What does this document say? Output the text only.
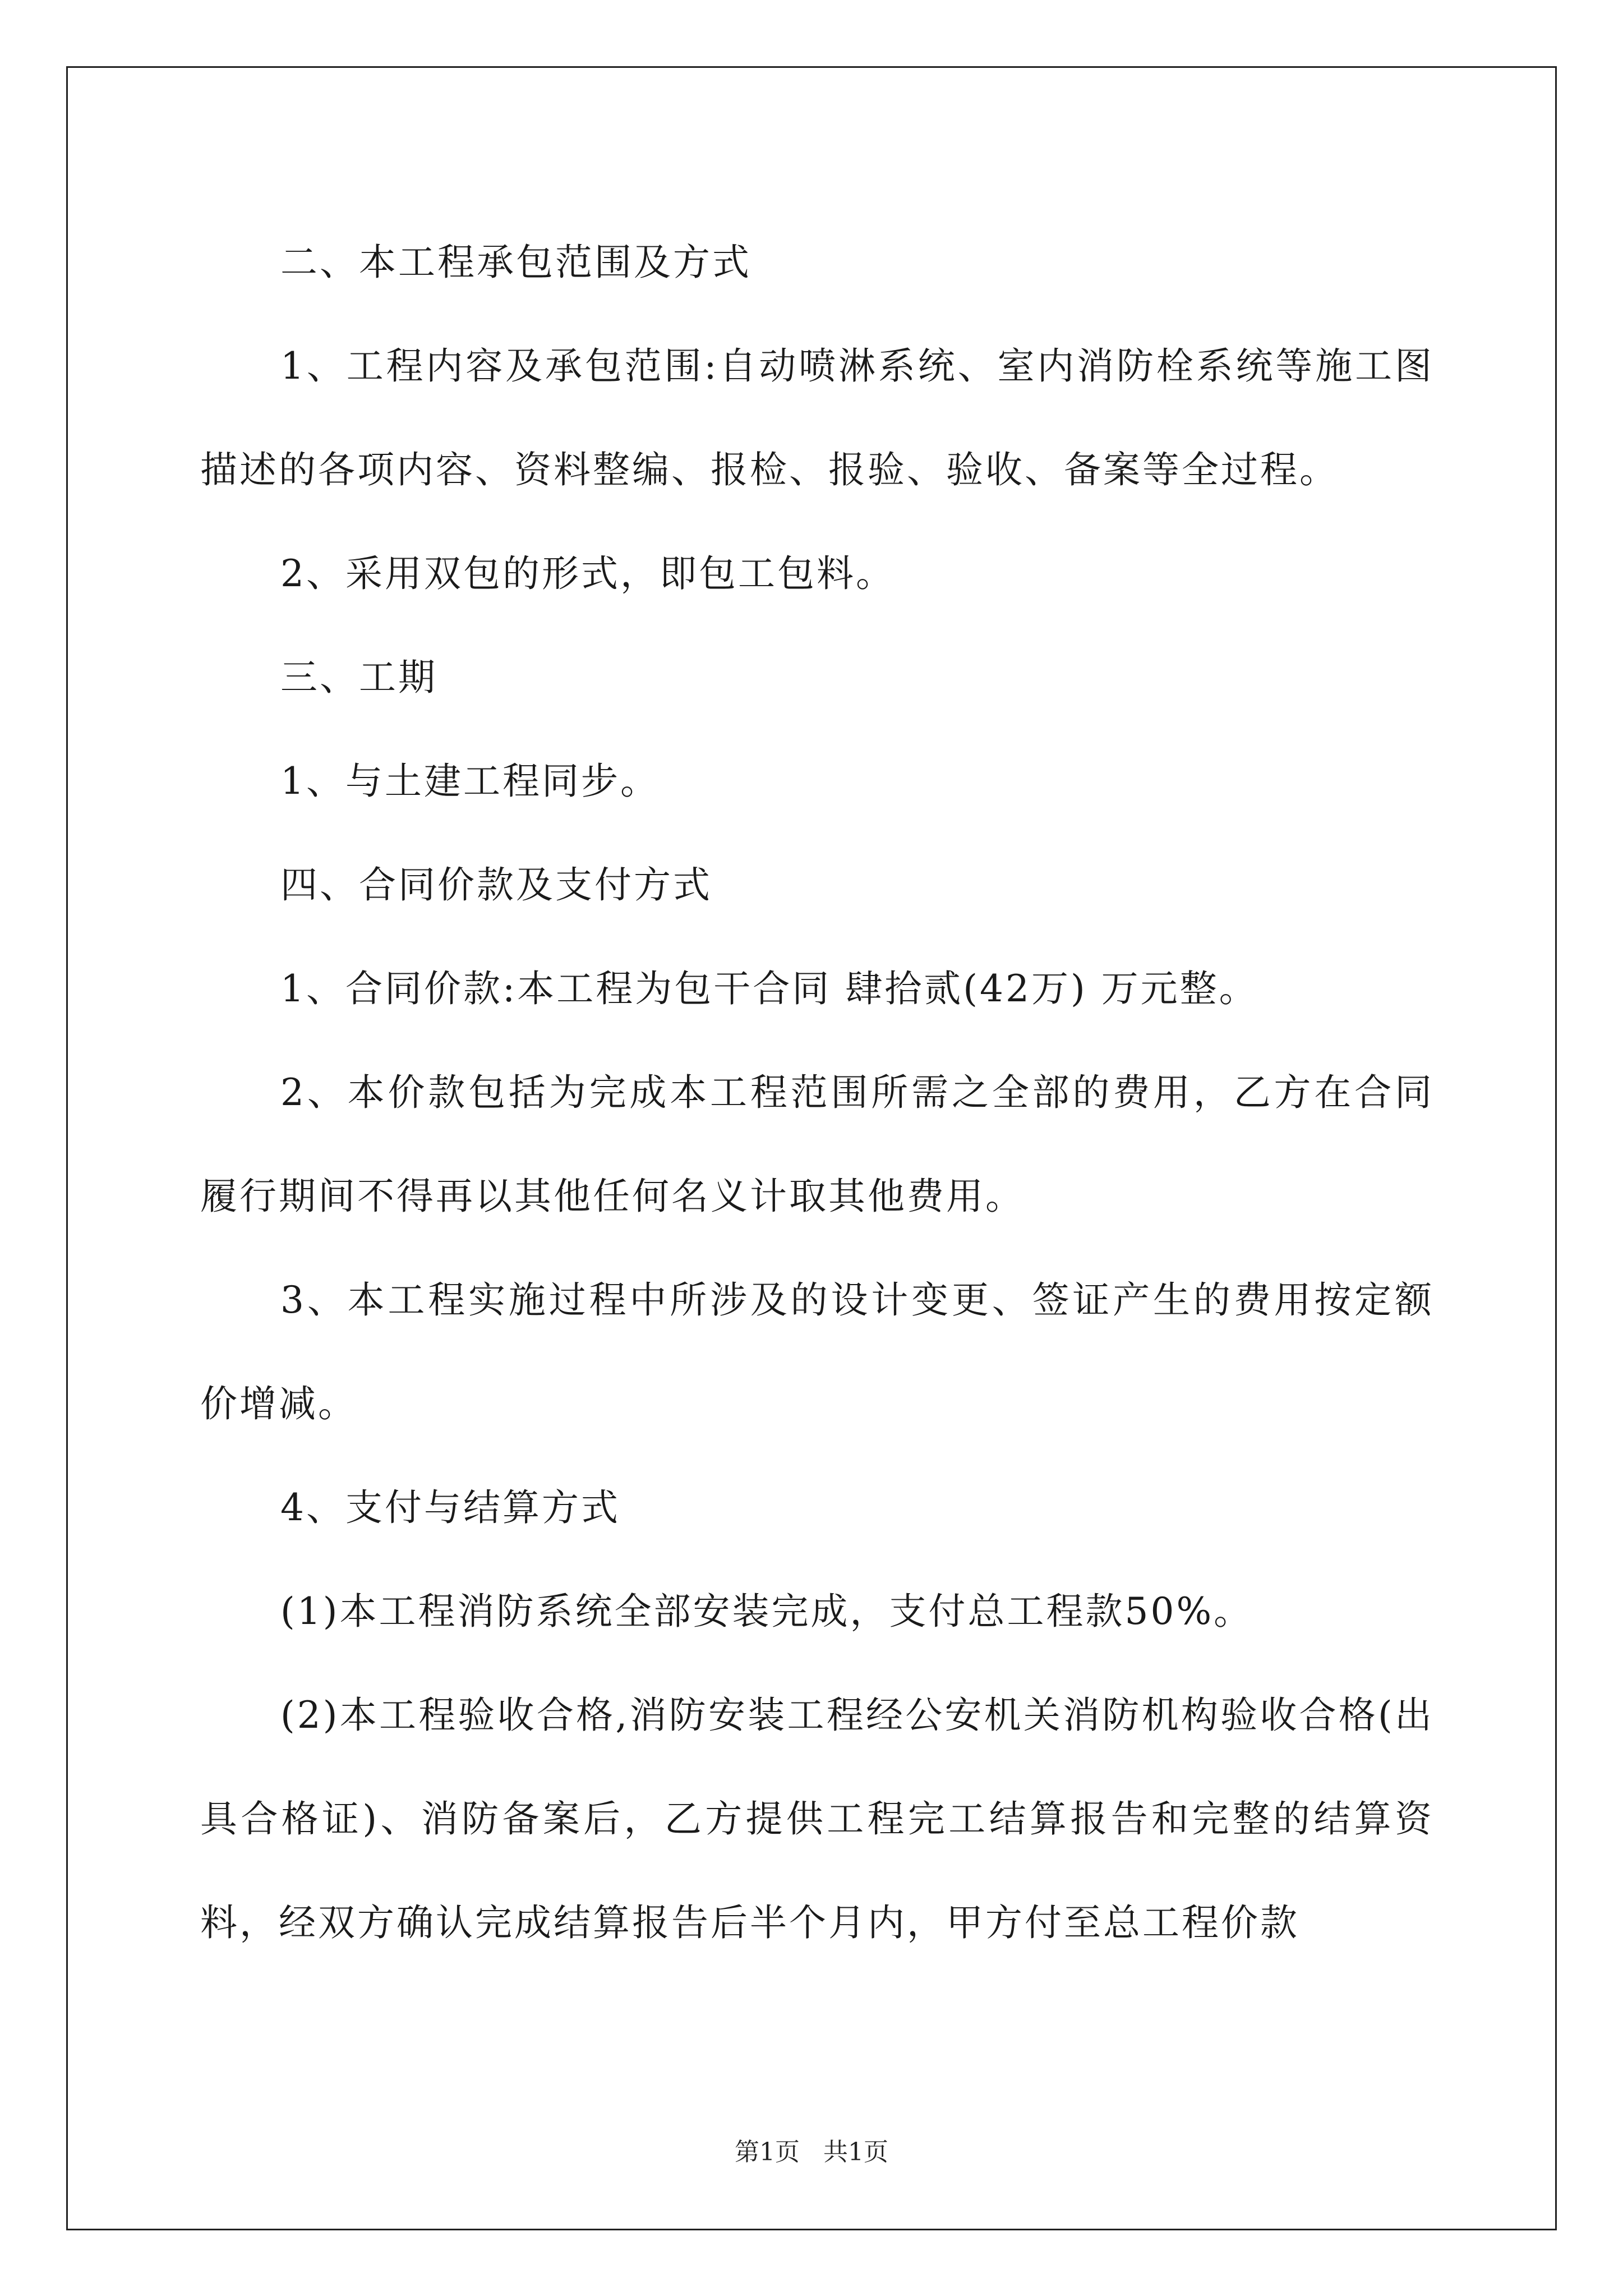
二、本工程承包范围及方式

1、工程内容及承包范围:自动喷淋系统、室内消防栓系统等施工图描述的各项内容、资料整编、报检、报验、验收、备案等全过程。

2、采用双包的形式，即包工包料。

三、工期

1、与土建工程同步。

四、合同价款及支付方式

1、合同价款:本工程为包干合同 肆拾贰(42万) 万元整。

2、本价款包括为完成本工程范围所需之全部的费用，乙方在合同履行期间不得再以其他任何名义计取其他费用。

3、本工程实施过程中所涉及的设计变更、签证产生的费用按定额价增减。

4、支付与结算方式

(1)本工程消防系统全部安装完成，支付总工程款50%。

(2)本工程验收合格,消防安装工程经公安机关消防机构验收合格(出具合格证)、消防备案后，乙方提供工程完工结算报告和完整的结算资料，经双方确认完成结算报告后半个月内，甲方付至总工程价款

第1页 共1页
